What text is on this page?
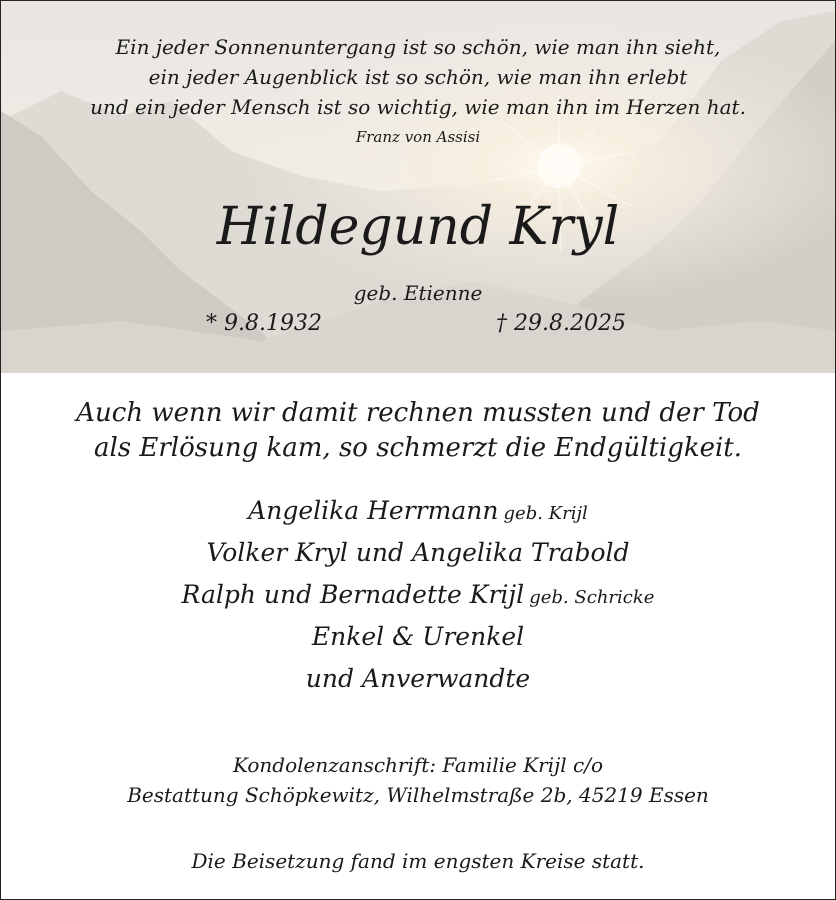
Ein jeder Sonnenuntergang ist so schön, wie man ihn sieht,
ein jeder Augenblick ist so schön, wie man ihn erlebt
und ein jeder Mensch ist so wichtig, wie man ihn im Herzen hat.
Franz von Assisi
Hildegund Kryl
geb. Etienne
* 9.8.1932	† 29.8.2025
Auch wenn wir damit rechnen mussten und der Tod
als Erlösung kam, so schmerzt die Endgültigkeit.
Angelika Herrmann geb. Krijl
Volker Kryl und Angelika Trabold
Ralph und Bernadette Krijl geb. Schricke
Enkel & Urenkel
und Anverwandte
Kondolenzanschrift: Familie Krijl c/o
Bestattung Schöpkewitz, Wilhelmstraße 2b, 45219 Essen
Die Beisetzung fand im engsten Kreise statt.
